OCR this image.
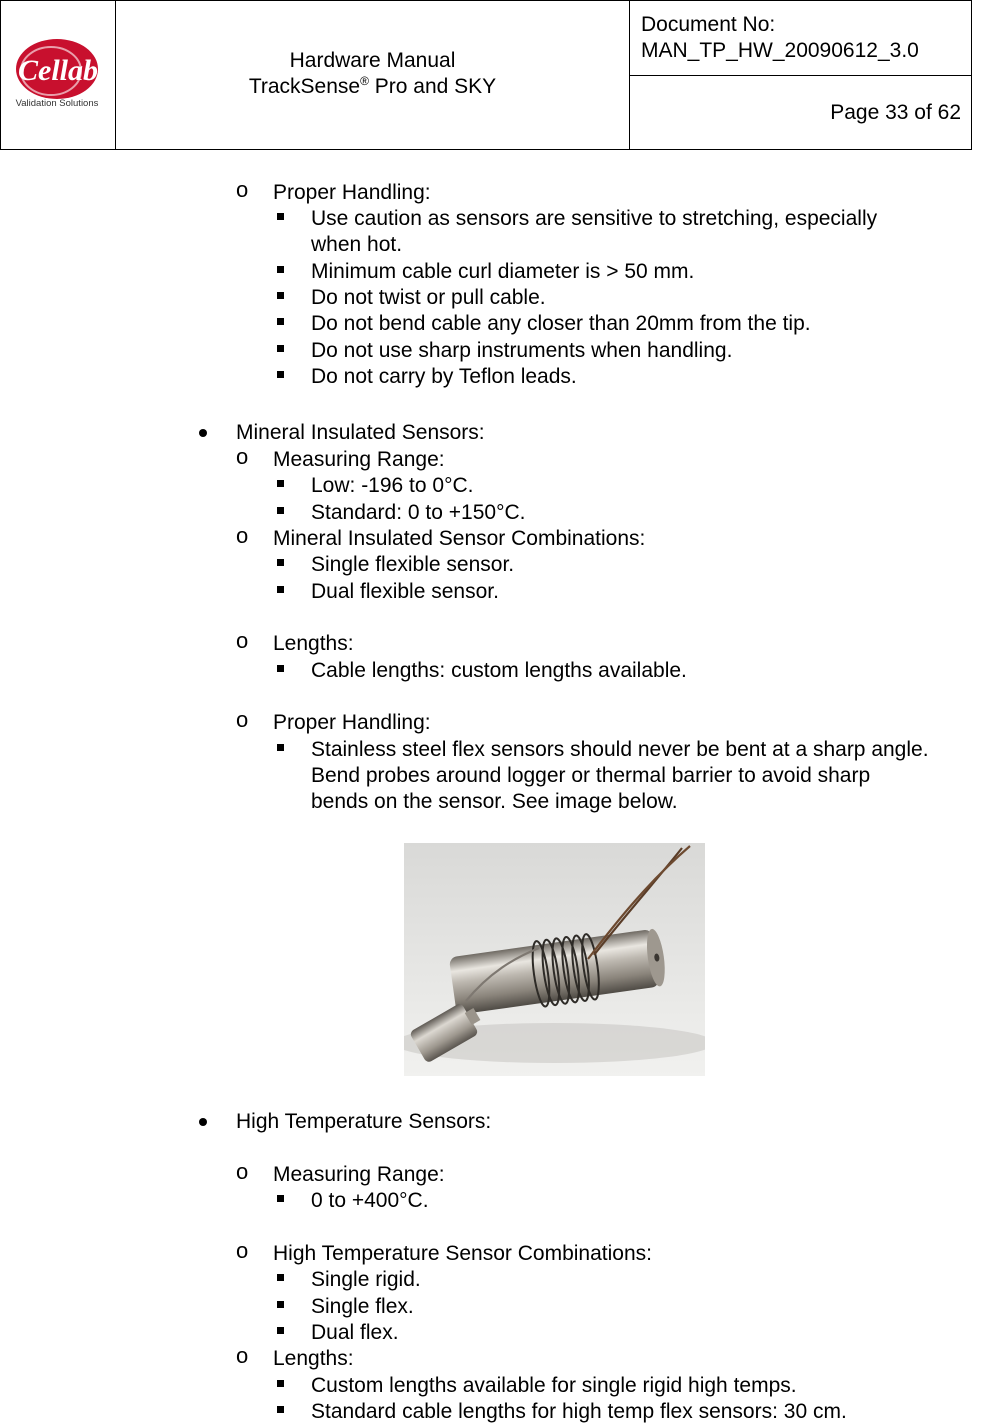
Cellab
Validation Solutions
Hardware Manual
TrackSense® Pro and SKY
Document No:
MAN_TP_HW_20090612_3.0
Page 33 of 62
o Proper Handling:
Use caution as sensors are sensitive to stretching, especially
when hot.
Minimum cable curl diameter is > 50 mm.
Do not twist or pull cable.
Do not bend cable any closer than 20mm from the tip.
Do not use sharp instruments when handling.
Do not carry by Teflon leads.
Mineral Insulated Sensors:
o Measuring Range:
Low: -196 to 0°C.
Standard: 0 to +150°C.
o Mineral Insulated Sensor Combinations:
Single flexible sensor.
Dual flexible sensor.
o Lengths:
Cable lengths: custom lengths available.
o Proper Handling:
Stainless steel flex sensors should never be bent at a sharp angle.
Bend probes around logger or thermal barrier to avoid sharp
bends on the sensor. See image below.
High Temperature Sensors:
o Measuring Range:
0 to +400°C.
o High Temperature Sensor Combinations:
Single rigid.
Single flex.
Dual flex.
o Lengths:
Custom lengths available for single rigid high temps.
Standard cable lengths for high temp flex sensors: 30 cm.
